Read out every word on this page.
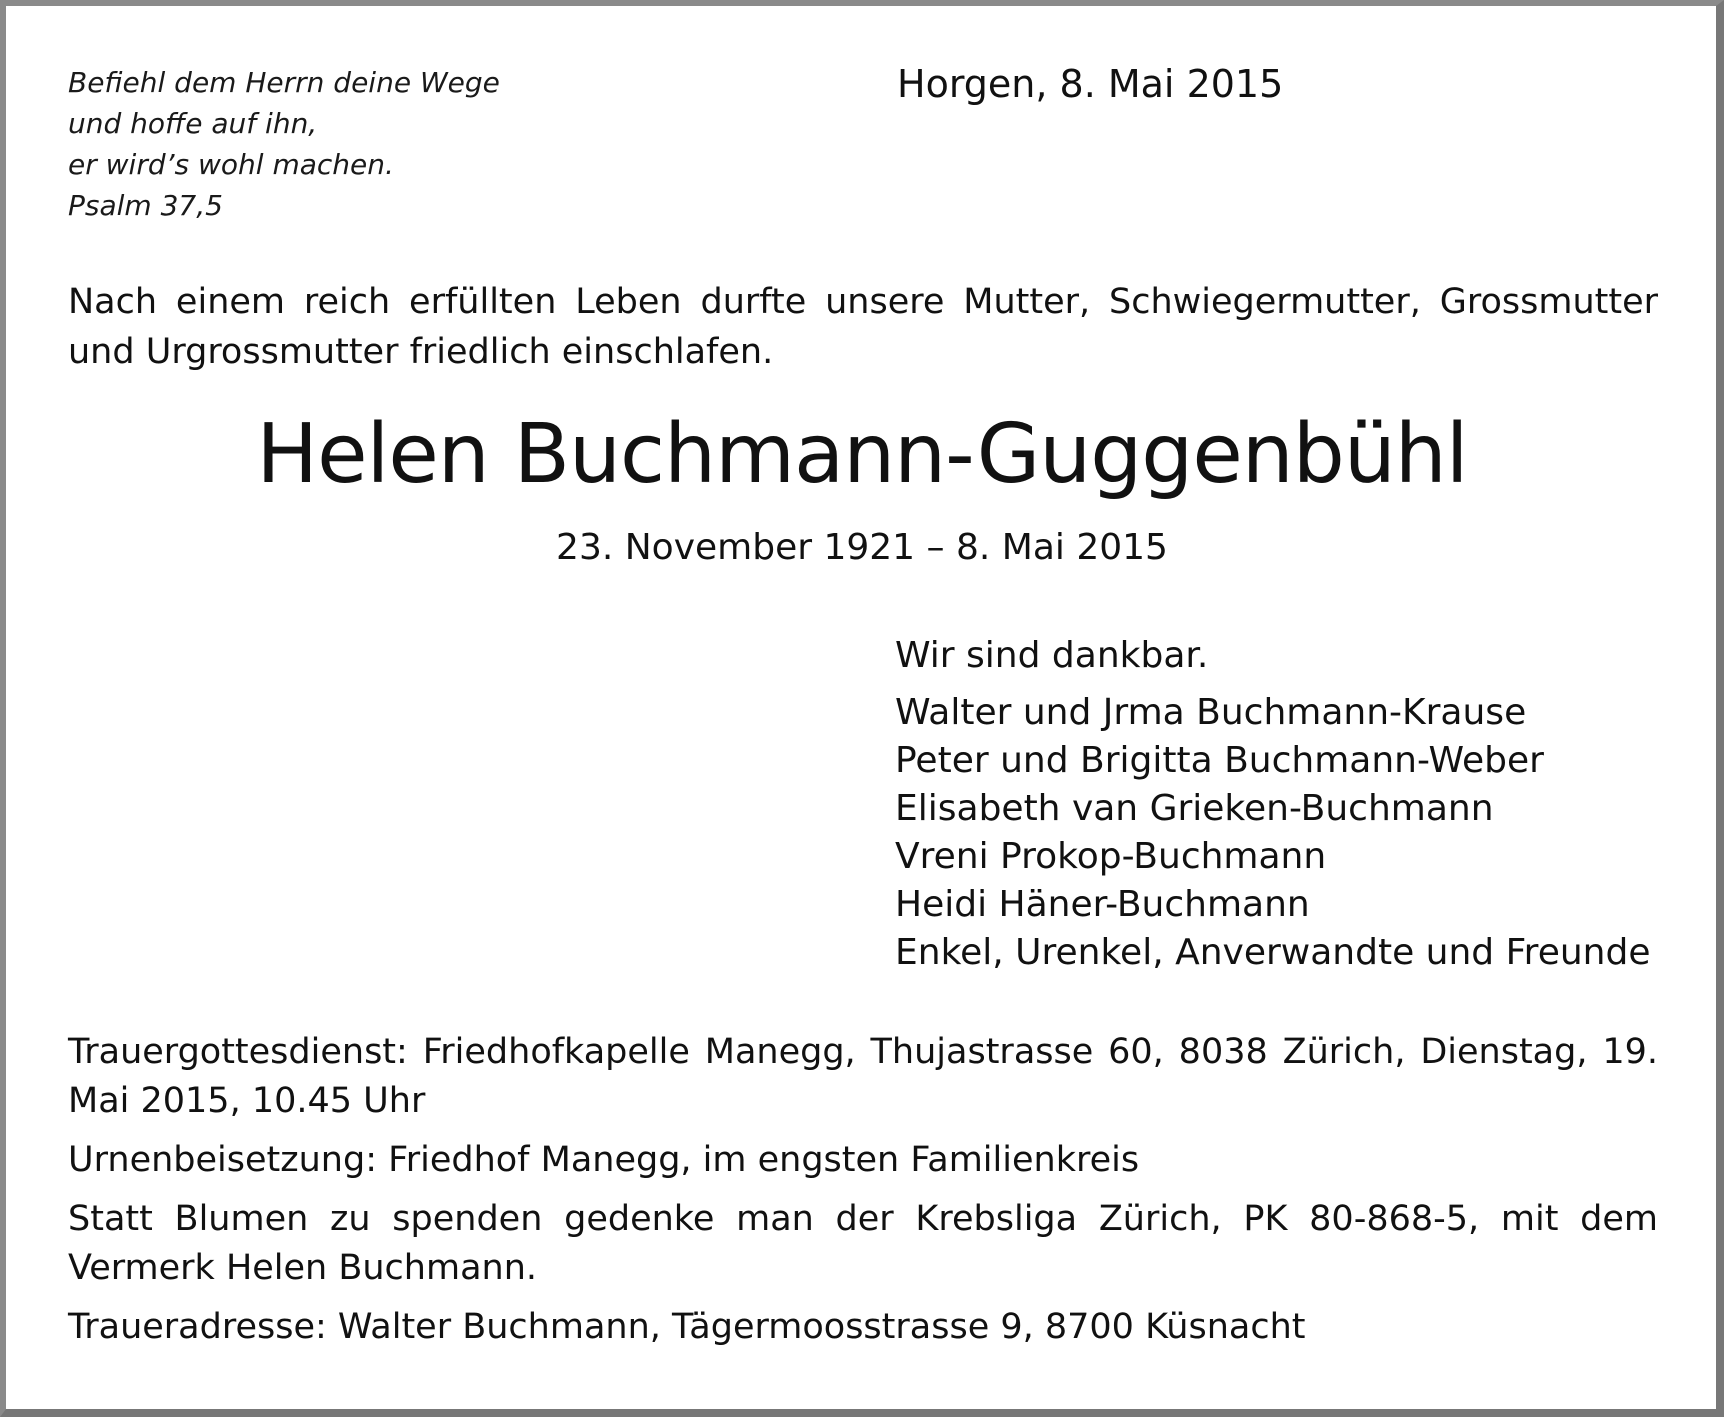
Befiehl dem Herrn deine Wege
und hoffe auf ihn,
er wird’s wohl machen.
Psalm 37,5
Horgen, 8. Mai 2015
Nach einem reich erfüllten Leben durfte unsere Mutter, Schwiegermutter, Grossmutter und Urgrossmutter friedlich einschlafen.
Helen Buchmann-Guggenbühl
23. November 1921 – 8. Mai 2015
Wir sind dankbar.
Walter und Jrma Buchmann-Krause
Peter und Brigitta Buchmann-Weber
Elisabeth van Grieken-Buchmann
Vreni Prokop-Buchmann
Heidi Häner-Buchmann
Enkel, Urenkel, Anverwandte und Freunde

Trauergottesdienst: Friedhofkapelle Manegg, Thujastrasse 60, 8038 Zürich, Dienstag, 19. Mai 2015, 10.45 Uhr

Urnenbeisetzung: Friedhof Manegg, im engsten Familienkreis

Statt Blumen zu spenden gedenke man der Krebsliga Zürich, PK 80-868-5, mit dem Vermerk Helen Buchmann.

Traueradresse: Walter Buchmann, Tägermoosstrasse 9, 8700 Küsnacht
